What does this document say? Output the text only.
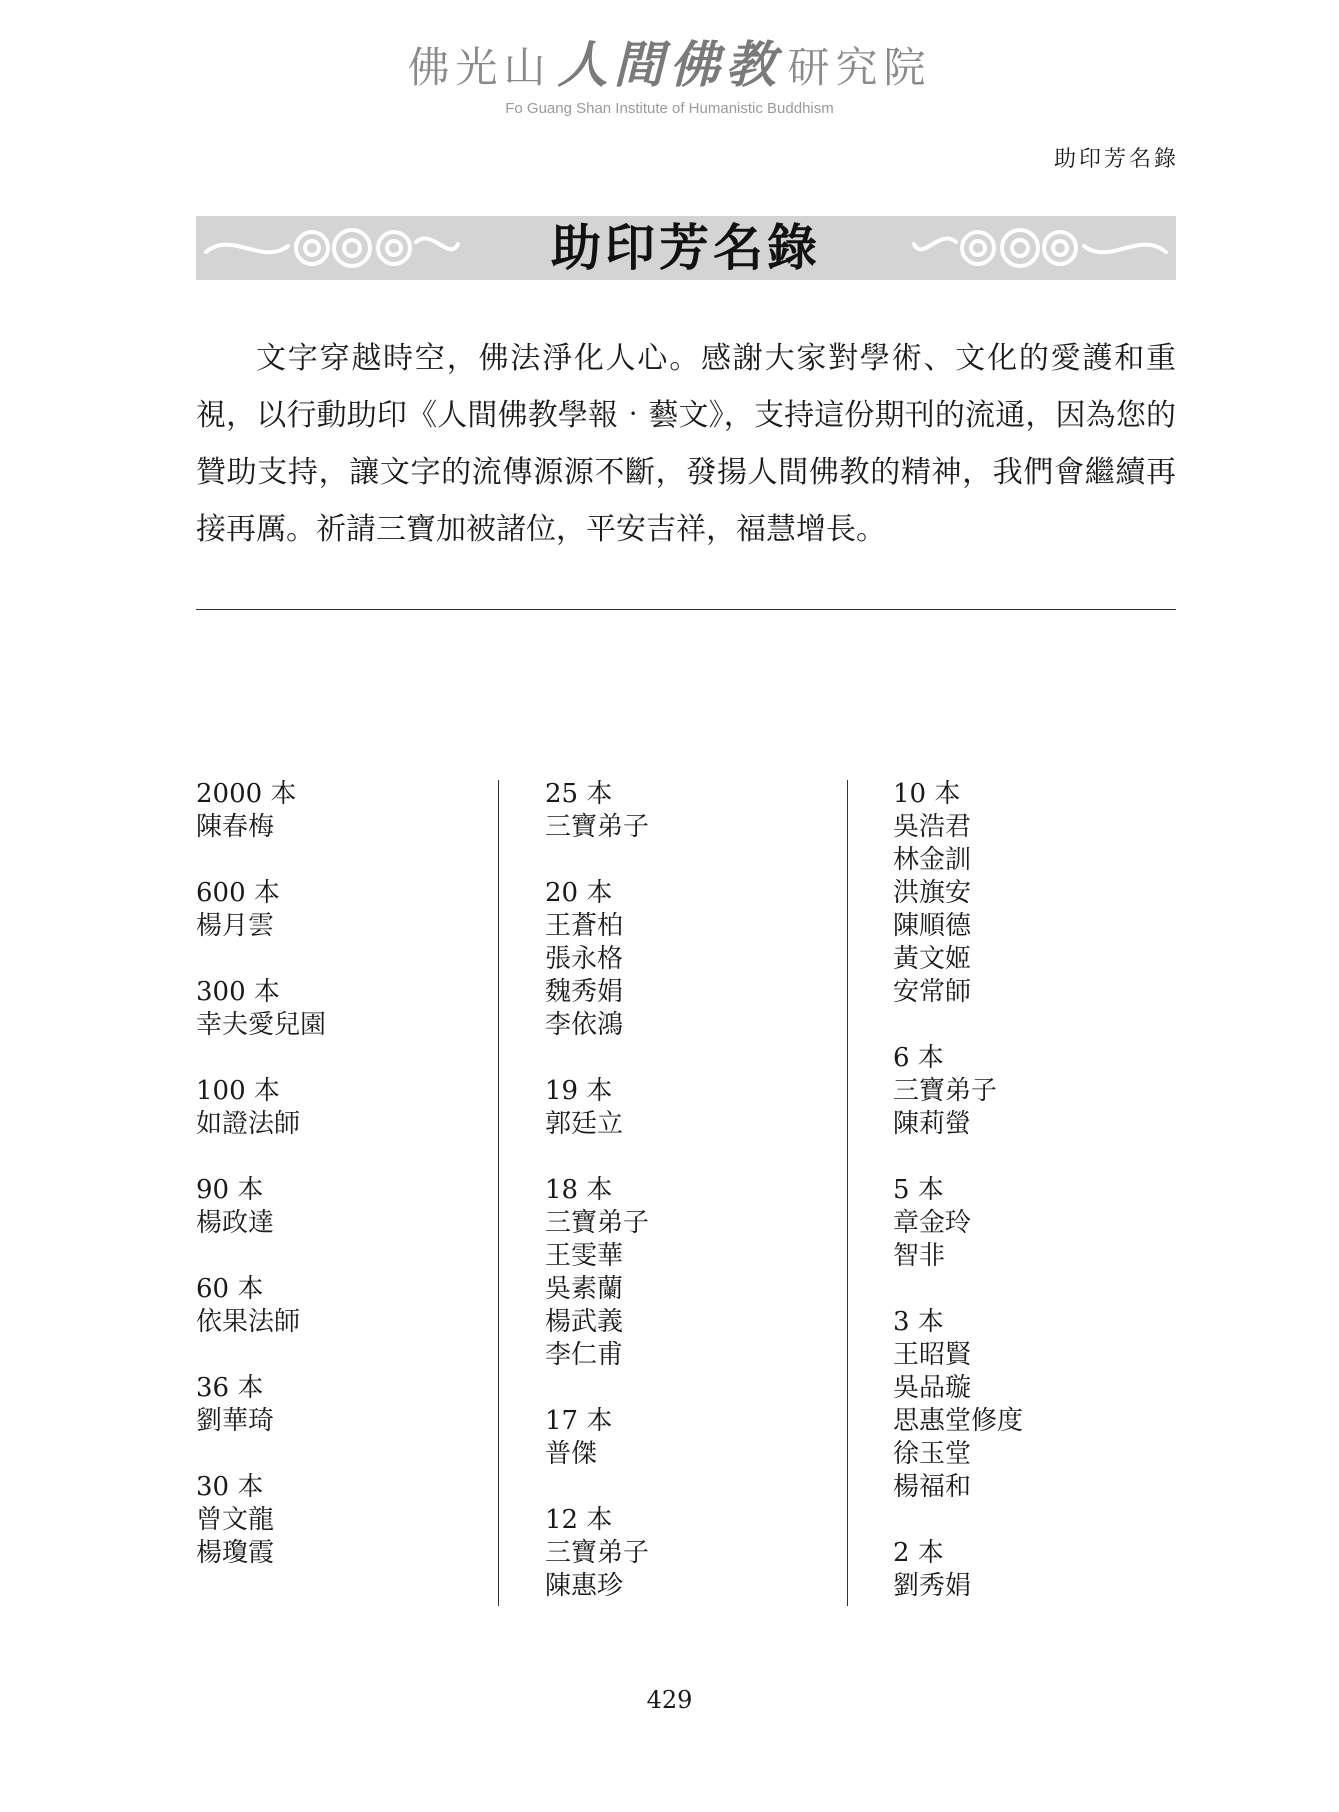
佛光山 人間佛教 研究院
Fo Guang Shan Institute of Humanistic Buddhism
助印芳名錄
助印芳名錄
文字穿越時空，佛法淨化人心。感謝大家對學術、文化的愛護和重視，以行動助印《人間佛教學報‧藝文》，支持這份期刊的流通，因為您的贊助支持，讓文字的流傳源源不斷，發揚人間佛教的精神，我們會繼續再接再厲。祈請三寶加被諸位，平安吉祥，福慧增長。
2000 本
陳春梅
600 本
楊月雲
300 本
幸夫愛兒園
100 本
如證法師
90 本
楊政達
60 本
依果法師
36 本
劉華琦
30 本
曾文龍
楊瓊霞
25 本
三寶弟子
20 本
王蒼柏
張永格
魏秀娟
李依鴻
19 本
郭廷立
18 本
三寶弟子
王雯華
吳素蘭
楊武義
李仁甫
17 本
普傑
12 本
三寶弟子
陳惠珍
10 本
吳浩君
林金訓
洪旗安
陳順德
黃文姬
安常師
6 本
三寶弟子
陳莉螢
5 本
章金玲
智非
3 本
王昭賢
吳品璇
思惠堂修度
徐玉堂
楊福和
2 本
劉秀娟
429
